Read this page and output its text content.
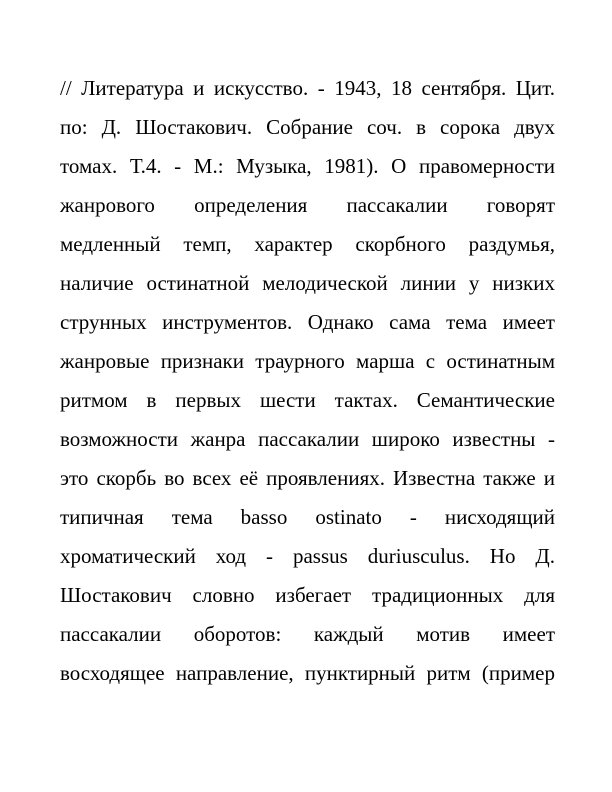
// Литература и искусство. - 1943, 18 сентября. Цит.
по: Д. Шостакович. Собрание соч. в сорока двух
томах. Т.4. - М.: Музыка, 1981). О правомерности
жанрового определения пассакалии говорят
медленный темп, характер скорбного раздумья,
наличие остинатной мелодической линии у низких
струнных инструментов. Однако сама тема имеет
жанровые признаки траурного марша с остинатным
ритмом в первых шести тактах. Семантические
возможности жанра пассакалии широко известны -
это скорбь во всех её проявлениях. Известна также и
типичная тема basso ostinato - нисходящий
хроматический ход - passus duriusculus. Но Д.
Шостакович словно избегает традиционных для
пассакалии оборотов: каждый мотив имеет
восходящее направление, пунктирный ритм (пример
